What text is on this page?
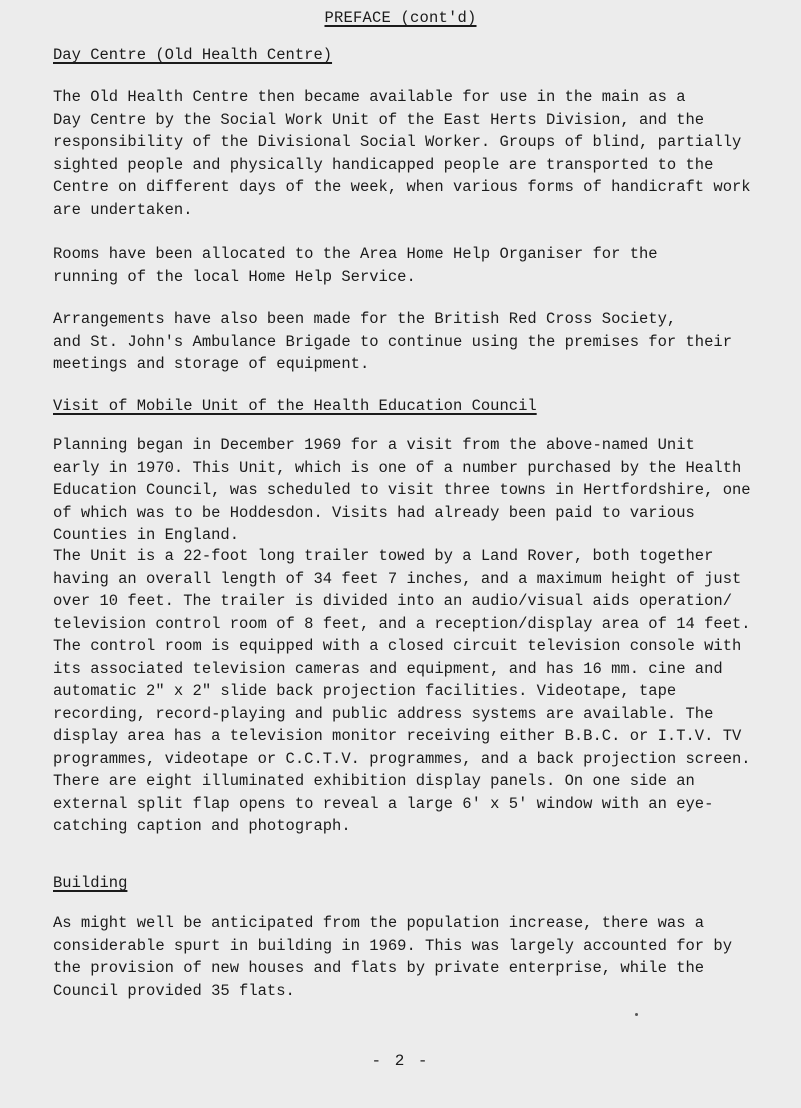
PREFACE (cont'd)
Day Centre (Old Health Centre)

The Old Health Centre then became available for use in the main as a
Day Centre by the Social Work Unit of the East Herts Division, and the
responsibility of the Divisional Social Worker. Groups of blind, partially
sighted people and physically handicapped people are transported to the
Centre on different days of the week, when various forms of handicraft work
are undertaken.

Rooms have been allocated to the Area Home Help Organiser for the
running of the local Home Help Service.

Arrangements have also been made for the British Red Cross Society,
and St. John's Ambulance Brigade to continue using the premises for their
meetings and storage of equipment.

Visit of Mobile Unit of the Health Education Council

Planning began in December 1969 for a visit from the above-named Unit
early in 1970. This Unit, which is one of a number purchased by the Health
Education Council, was scheduled to visit three towns in Hertfordshire, one
of which was to be Hoddesdon. Visits had already been paid to various
Counties in England.

The Unit is a 22-foot long trailer towed by a Land Rover, both together
having an overall length of 34 feet 7 inches, and a maximum height of just
over 10 feet. The trailer is divided into an audio/visual aids operation/
television control room of 8 feet, and a reception/display area of 14 feet.
The control room is equipped with a closed circuit television console with
its associated television cameras and equipment, and has 16 mm. cine and
automatic 2" x 2" slide back projection facilities. Videotape, tape
recording, record-playing and public address systems are available. The
display area has a television monitor receiving either B.B.C. or I.T.V. TV
programmes, videotape or C.C.T.V. programmes, and a back projection screen.
There are eight illuminated exhibition display panels. On one side an
external split flap opens to reveal a large 6' x 5' window with an eye-
catching caption and photograph.

Building

As might well be anticipated from the population increase, there was a
considerable spurt in building in 1969. This was largely accounted for by
the provision of new houses and flats by private enterprise, while the
Council provided 35 flats.

- 2 -
